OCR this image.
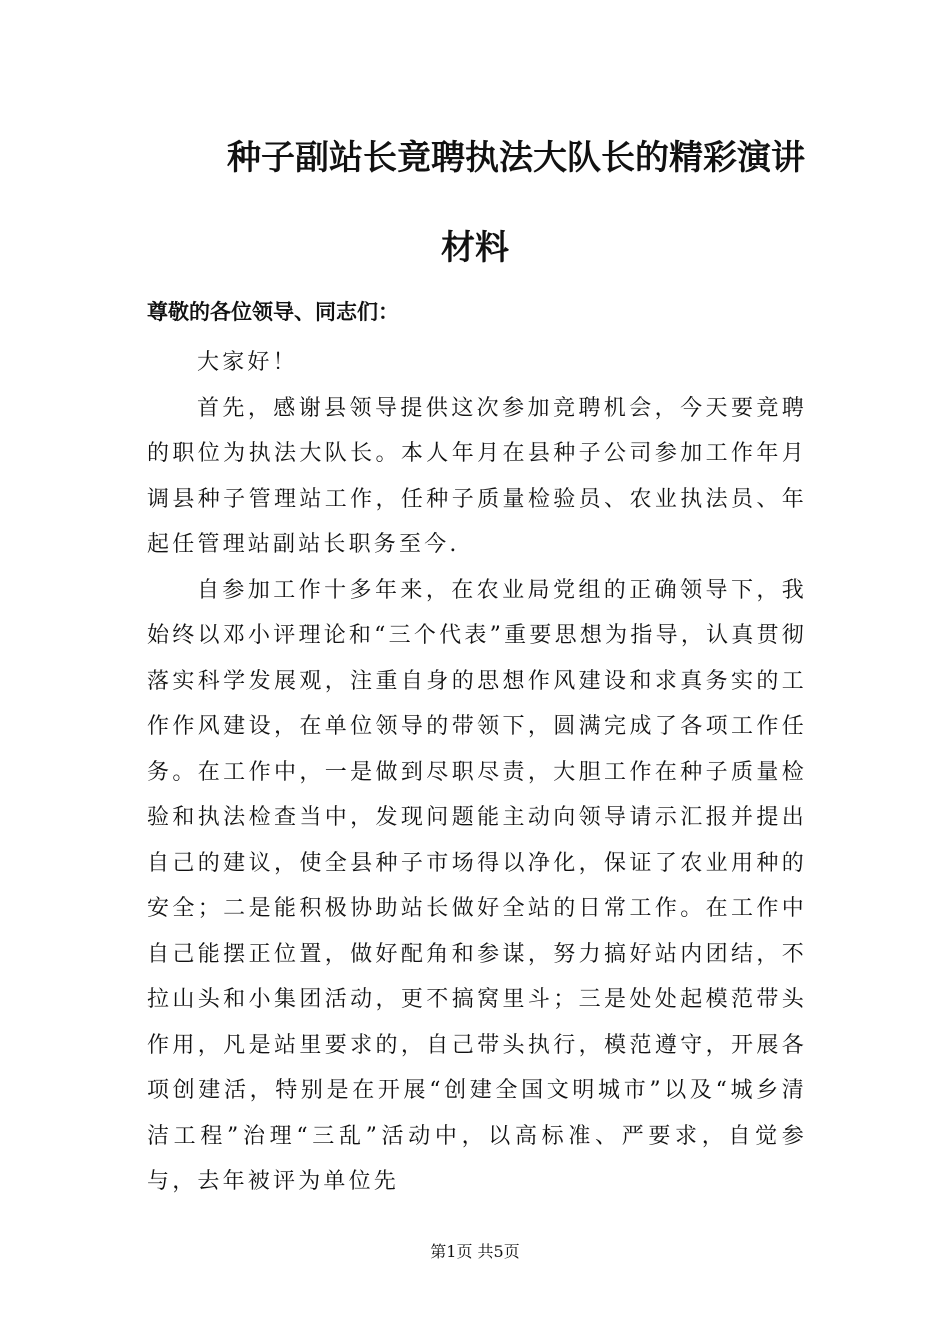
种子副站长竟聘执法大队长的精彩演讲
材料

尊敬的各位领导、同志们：

大家好！

首先，感谢县领导提供这次参加竞聘机会，今天要竞聘的职位为执法大队长。本人年月在县种子公司参加工作年月调县种子管理站工作，任种子质量检验员、农业执法员、年起任管理站副站长职务至今.

自参加工作十多年来，在农业局党组的正确领导下，我始终以邓小评理论和“三个代表”重要思想为指导，认真贯彻落实科学发展观，注重自身的思想作风建设和求真务实的工作作风建设，在单位领导的带领下，圆满完成了各项工作任务。在工作中，一是做到尽职尽责，大胆工作在种子质量检验和执法检查当中，发现问题能主动向领导请示汇报并提出自己的建议，使全县种子市场得以净化，保证了农业用种的安全；二是能积极协助站长做好全站的日常工作。在工作中自己能摆正位置，做好配角和参谋，努力搞好站内团结，不拉山头和小集团活动，更不搞窝里斗；三是处处起模范带头作用，凡是站里要求的，自己带头执行，模范遵守，开展各项创建活，特别是在开展“创建全国文明城市”以及“城乡清洁工程”治理“三乱”活动中，以高标准、严要求，自觉参与，去年被评为单位先

第1页 共5页
